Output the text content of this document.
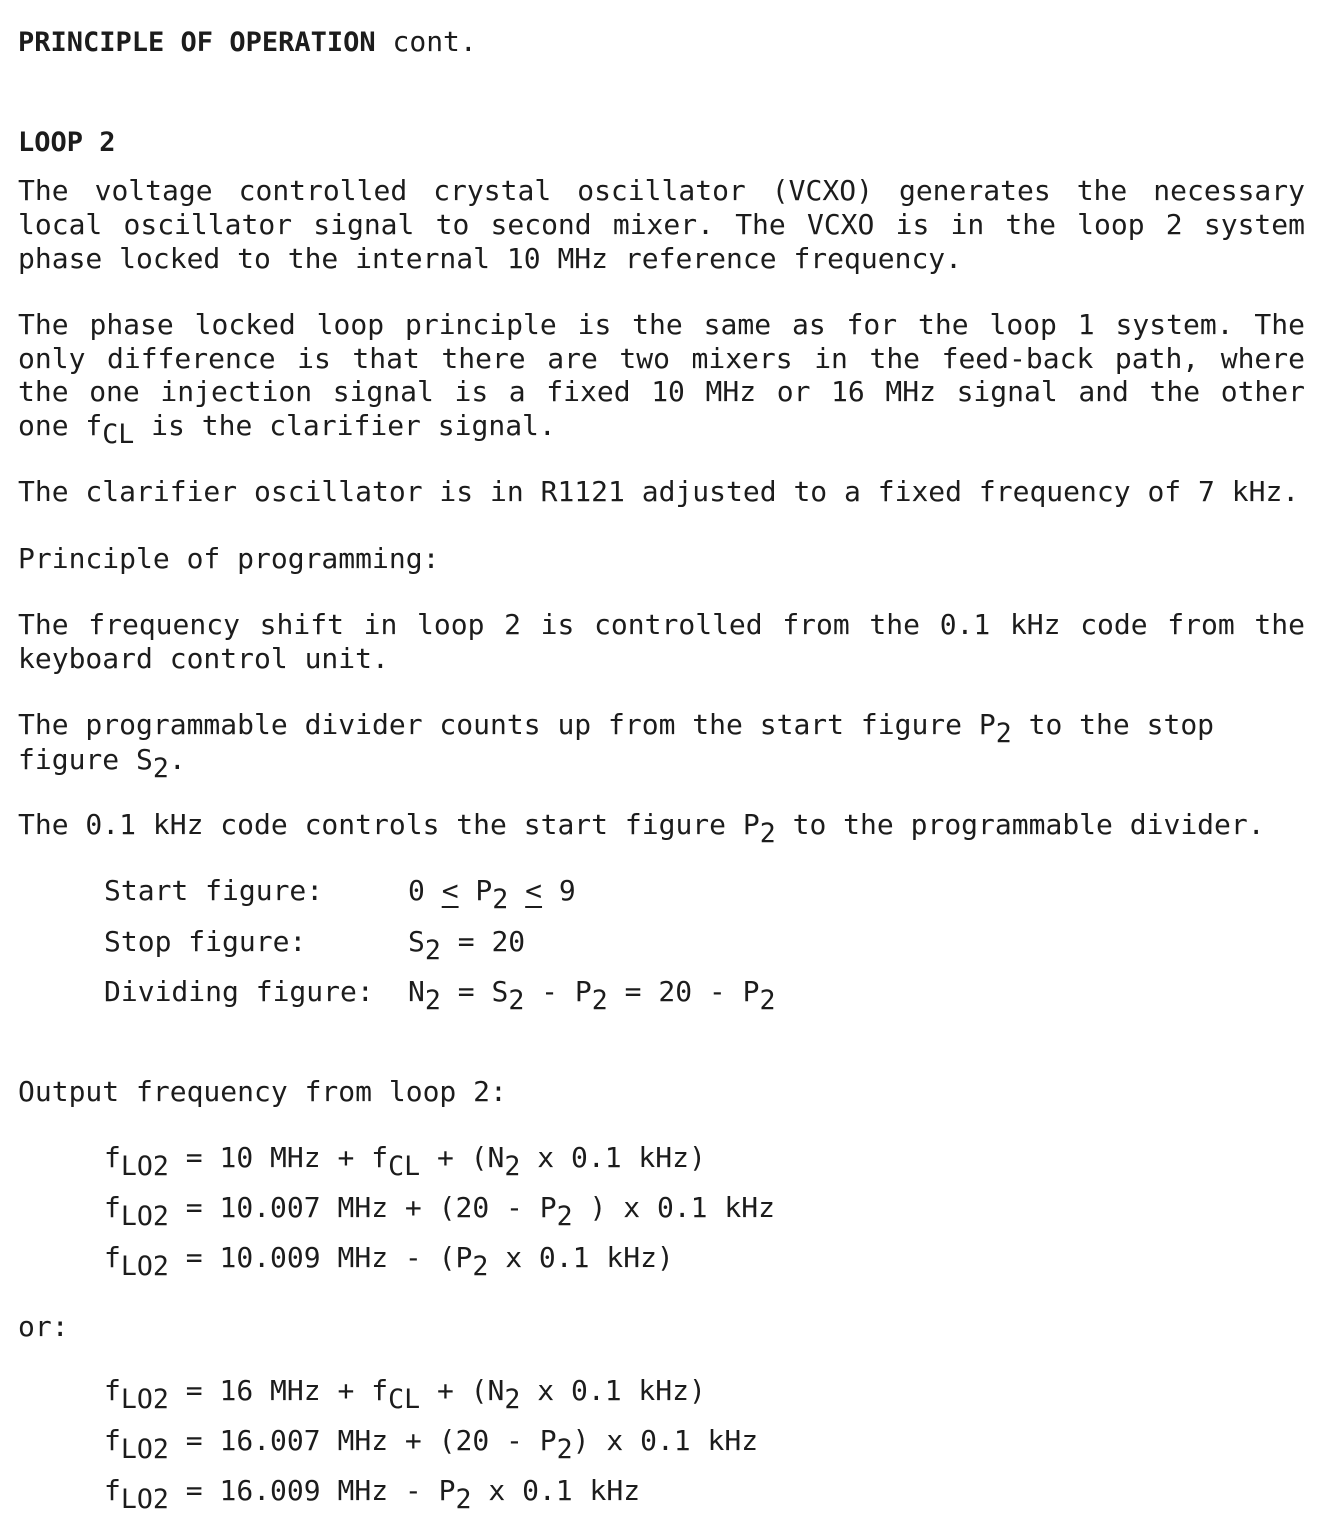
PRINCIPLE OF OPERATION cont.
LOOP 2
The voltage controlled crystal oscillator (VCXO) generates the necessary
local oscillator signal to second mixer. The VCXO is in the loop 2 system
phase locked to the internal 10 MHz reference frequency.
The phase locked loop principle is the same as for the loop 1 system. The
only difference is that there are two mixers in the feed-back path, where
the one injection signal is a fixed 10 MHz or 16 MHz signal and the other
one $f_{CL}$ is the clarifier signal.
The clarifier oscillator is in R1121 adjusted to a fixed frequency of 7 kHz.
Principle of programming:
The frequency shift in loop 2 is controlled from the 0.1 kHz code from the
keyboard control unit.
The programmable divider counts up from the start figure $P_2$ to the stop
figure $S_2$.
The 0.1 kHz code controls the start figure $P_2$ to the programmable divider.
Start figure:	$0 < P_2 < 9$
Stop figure:	$S_2 = 20$
Dividing figure: $N_2 = S_2 - P_2 = 20 - P_2$
Output frequency from loop 2:
$f_{LO2} = 10$ MHz + $f_{CL} + (N_2$ x 0.1 kHz)
$f_{LO2} = 10.007$ MHz + ($20 - P_2$ ) x 0.1 kHz
$f_{LO2} = 10.009$ MHz - ($P_2$ x 0.1 kHz)
or:
$f_{LO2} = 16$ MHz + $f_{CL} + (N_2$ x 0.1 kHz)
$f_{LO2} = 16.007$ MHz + $(20 - P_2)$ x 0.1 kHz
$f_{LO2} = 16.009$ MHz - $P_2$ x 0.1 kHz
